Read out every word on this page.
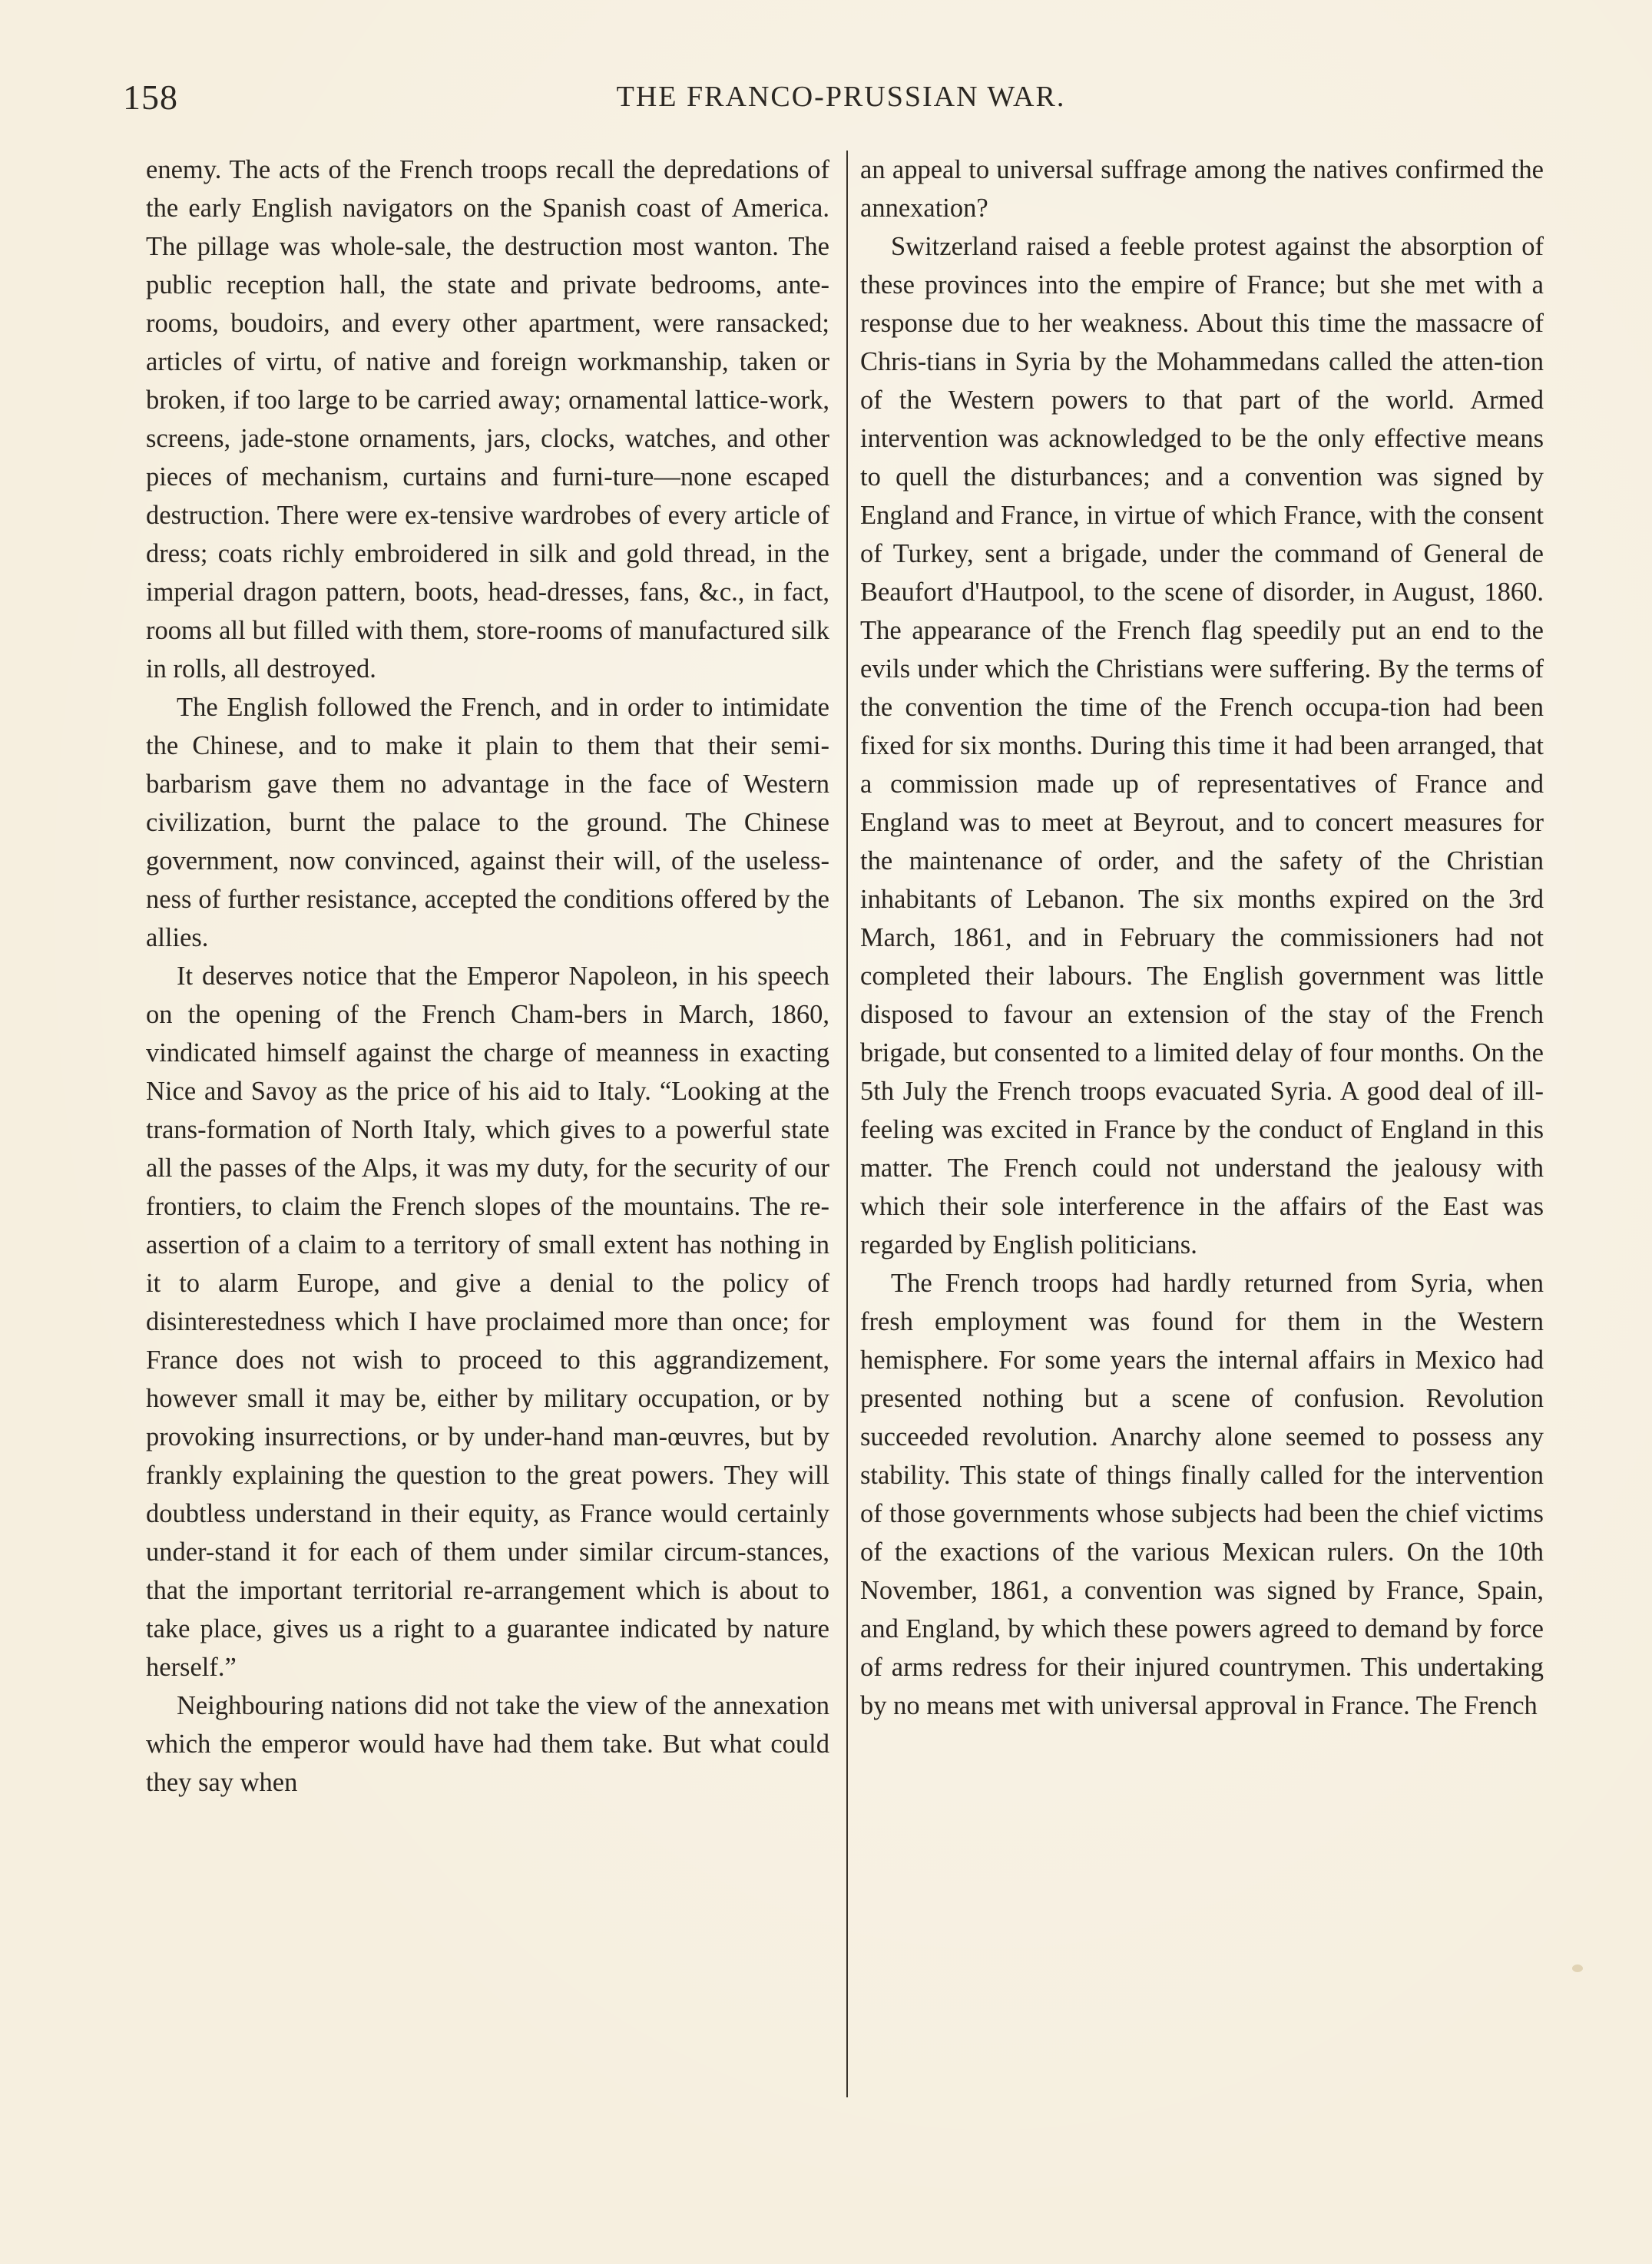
158	THE FRANCO-PRUSSIAN WAR.

enemy. The acts of the French troops recall the depredations of the early English navigators on the Spanish coast of America. The pillage was whole-sale, the destruction most wanton. The public reception hall, the state and private bedrooms, ante-rooms, boudoirs, and every other apartment, were ransacked; articles of virtu, of native and foreign workmanship, taken or broken, if too large to be carried away; ornamental lattice-work, screens, jade-stone ornaments, jars, clocks, watches, and other pieces of mechanism, curtains and furni-ture—none escaped destruction. There were ex-tensive wardrobes of every article of dress; coats richly embroidered in silk and gold thread, in the imperial dragon pattern, boots, head-dresses, fans, &c., in fact, rooms all but filled with them, store-rooms of manufactured silk in rolls, all destroyed.

The English followed the French, and in order to intimidate the Chinese, and to make it plain to them that their semi-barbarism gave them no advantage in the face of Western civilization, burnt the palace to the ground. The Chinese government, now convinced, against their will, of the useless-ness of further resistance, accepted the conditions offered by the allies.

It deserves notice that the Emperor Napoleon, in his speech on the opening of the French Cham-bers in March, 1860, vindicated himself against the charge of meanness in exacting Nice and Savoy as the price of his aid to Italy. “Looking at the trans-formation of North Italy, which gives to a powerful state all the passes of the Alps, it was my duty, for the security of our frontiers, to claim the French slopes of the mountains. The re-assertion of a claim to a territory of small extent has nothing in it to alarm Europe, and give a denial to the policy of disinterestedness which I have proclaimed more than once; for France does not wish to proceed to this aggrandizement, however small it may be, either by military occupation, or by provoking insurrections, or by under-hand man-œuvres, but by frankly explaining the question to the great powers. They will doubtless understand in their equity, as France would certainly under-stand it for each of them under similar circum-stances, that the important territorial re-arrangement which is about to take place, gives us a right to a guarantee indicated by nature herself.”

Neighbouring nations did not take the view of the annexation which the emperor would have had them take. But what could they say when

an appeal to universal suffrage among the natives confirmed the annexation?

Switzerland raised a feeble protest against the absorption of these provinces into the empire of France; but she met with a response due to her weakness. About this time the massacre of Chris-tians in Syria by the Mohammedans called the atten-tion of the Western powers to that part of the world. Armed intervention was acknowledged to be the only effective means to quell the disturbances; and a convention was signed by England and France, in virtue of which France, with the consent of Turkey, sent a brigade, under the command of General de Beaufort d'Hautpool, to the scene of disorder, in August, 1860. The appearance of the French flag speedily put an end to the evils under which the Christians were suffering. By the terms of the convention the time of the French occupa-tion had been fixed for six months. During this time it had been arranged, that a commission made up of representatives of France and England was to meet at Beyrout, and to concert measures for the maintenance of order, and the safety of the Christian inhabitants of Lebanon. The six months expired on the 3rd March, 1861, and in February the commissioners had not completed their labours. The English government was little disposed to favour an extension of the stay of the French brigade, but consented to a limited delay of four months. On the 5th July the French troops evacuated Syria. A good deal of ill-feeling was excited in France by the conduct of England in this matter. The French could not understand the jealousy with which their sole interference in the affairs of the East was regarded by English politicians.

The French troops had hardly returned from Syria, when fresh employment was found for them in the Western hemisphere. For some years the internal affairs in Mexico had presented nothing but a scene of confusion. Revolution succeeded revolution. Anarchy alone seemed to possess any stability. This state of things finally called for the intervention of those governments whose subjects had been the chief victims of the exactions of the various Mexican rulers. On the 10th November, 1861, a convention was signed by France, Spain, and England, by which these powers agreed to demand by force of arms redress for their injured countrymen. This undertaking by no means met with universal approval in France. The French
